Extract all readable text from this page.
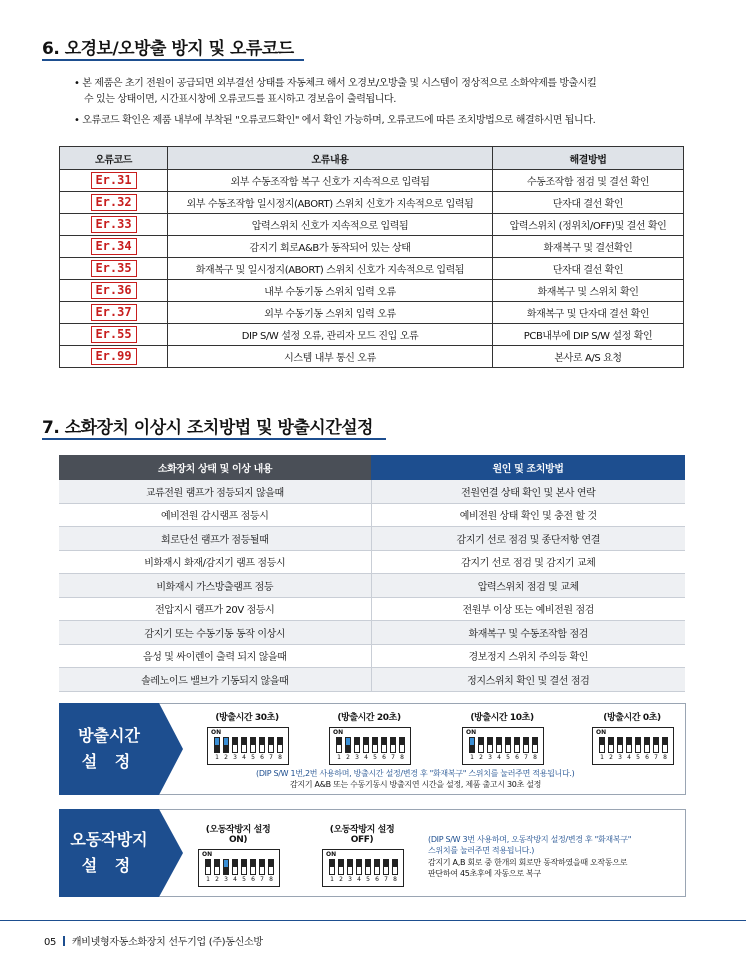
6. 오경보/오방출 방지 및 오류코드
• 본 제품은 초기 전원이 공급되면 외부결선 상태를 자동체크 해서 오경보/오방출 및 시스템이 정상적으로 소화약제를 방출시킬
수 있는 상태이면, 시간표시창에 오류코드를 표시하고 경보음이 출력됩니다.
• 오류코드 확인은 제품 내부에 부착된 "오류코드확인" 에서 확인 가능하며, 오류코드에 따른 조치방법으로 해결하시면 됩니다.
오류코드	오류내용	해결방법
Er.31	외부 수동조작함 복구 신호가 지속적으로 입력됨	수동조작함 점검 및 결선 확인
Er.32	외부 수동조작함 일시정지(ABORT) 스위치 신호가 지속적으로 입력됨	단자대 결선 확인
Er.33	압력스위치 신호가 지속적으로 입력됨	압력스위치 (정위치/OFF)및 결선 확인
Er.34	감지기 회로A&B가 동작되어 있는 상태	화재복구 및 결선확인
Er.35	화재복구 및 일시정지(ABORT) 스위치 신호가 지속적으로 입력됨	단자대 결선 확인
Er.36	내부 수동기동 스위치 입력 오류	화재복구 및 스위치 확인
Er.37	외부 수동기동 스위치 입력 오류	화재복구 및 단자대 결선 확인
Er.55	DIP S/W 설정 오류, 관리자 모드 진입 오류	PCB내부에 DIP S/W 설정 확인
Er.99	시스템 내부 통신 오류	본사로 A/S 요청
7. 소화장치 이상시 조치방법 및 방출시간설정
소화장치 상태 및 이상 내용	원인 및 조치방법
교류전원 램프가 점등되지 않을때	전원연결 상태 확인 및 본사 연락
예비전원 감시램프 점등시	예비전원 상태 확인 및 충전 할 것
회로단선 램프가 점등될때	감지기 선로 점검 및 종단저항 연결
비화재시 화재/감지기 램프 점등시	감지기 선로 점검 및 감지기 교체
비화재시 가스방출램프 점등	압력스위치 점검 및 교체
전압지시 램프가 20V 점등시	전원부 이상 또는 예비전원 점검
감지기 또는 수동기동 동작 이상시	화재복구 및 수동조작함 점검
음성 및 싸이렌이 출력 되지 않을때	경보정지 스위치 주의등 확인
솔레노이드 밸브가 기동되지 않을때	정지스위치 확인 및 결선 점검
방출시간
설 정
(방출시간 30초)
ON
1 2 3 4 5 6 7 8
(방출시간 20초)
ON
1 2 3 4 5 6 7 8
(방출시간 10초)
ON
1 2 3 4 5 6 7 8
(방출시간 0초)
ON
1 2 3 4 5 6 7 8
(DIP S/W 1번,2번 사용하며, 방출시간 설정/변경 후 "화재복구" 스위치를 눌러주면 적용됩니다.)
감지기 A&B 또는 수동기동시 방출지연 시간을 설정, 제품 출고시 30초 설정
오동작방지
설 정
(오동작방지 설정 ON)
ON
1 2 3 4 5 6 7 8
(오동작방지 설정 OFF)
ON
1 2 3 4 5 6 7 8
(DIP S/W 3번 사용하며, 오동작방지 설정/변경 후 "화재복구"
스위치를 눌러주면 적용됩니다.)
감지기 A,B 회로 중 한개의 회로만 동작하였을때 오작동으로
판단하여 45초후에 자동으로 복구
05 캐비넷형자동소화장치 선두기업 (주)동신소방
